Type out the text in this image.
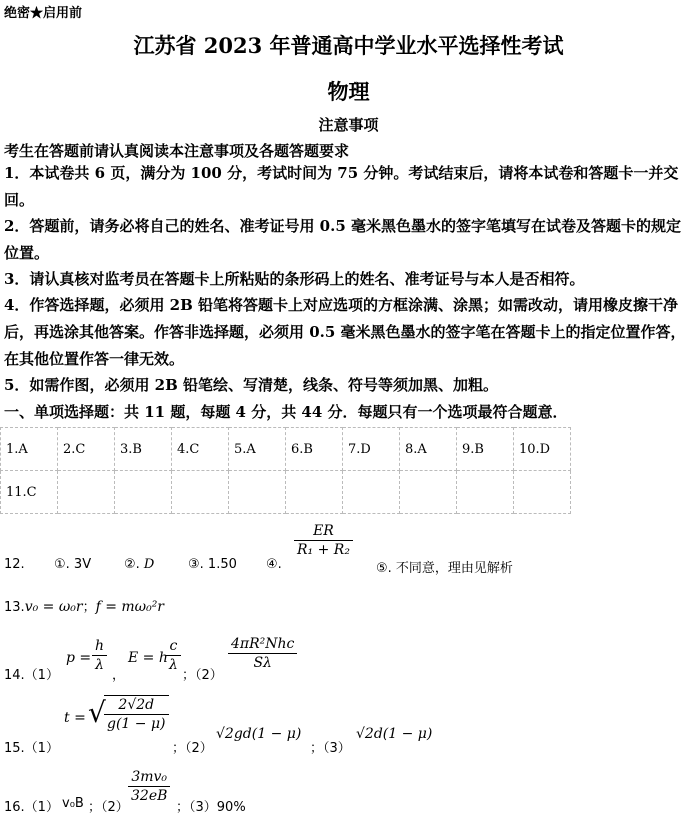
绝密★启用前
江苏省 2023 年普通高中学业水平选择性考试
物理
注意事项
考生在答题前请认真阅读本注意事项及各题答题要求
1．本试卷共 6 页，满分为 100 分，考试时间为 75 分钟。考试结束后，请将本试卷和答题卡一并交回。
2．答题前，请务必将自己的姓名、准考证号用 0.5 毫米黑色墨水的签字笔填写在试卷及答题卡的规定位置。
3．请认真核对监考员在答题卡上所粘贴的条形码上的姓名、准考证号与本人是否相符。
4．作答选择题，必须用 2B 铅笔将答题卡上对应选项的方框涂满、涂黑；如需改动，请用橡皮擦干净后，再选涂其他答案。作答非选择题，必须用 0.5 毫米黑色墨水的签字笔在答题卡上的指定位置作答，在其他位置作答一律无效。
5．如需作图，必须用 2B 铅笔绘、写清楚，线条、符号等须加黑、加粗。
一、单项选择题：共 11 题，每题 4 分，共 44 分．每题只有一个选项最符合题意．
1.A	2.C	3.B	4.C	5.A	6.B	7.D	8.A	9.B	10.D
11.C									
12. ①. 3V	②. D	③. 1.50 ④.
$\frac{ER}{\text{R₁ + R₂}}$
⑤. 不同意，理由见解析
13.v₀ = ω₀r；f = mω₀²r
14.（1）
$p = \frac{h}{\lambda}$
，
E = h
$\frac{c}{\lambda}$
；（2）
4πR²Nhc
Sλ
15.（1）
t = √
$\frac{2√2d}{g(1 - \mu)}$
；（2）
√2gd(1 − μ)
；（3）
√2d(1 − μ)
16.（1） v₀B ；（2）
$\frac{\text{3mv₀}}{32eB}$
；（3）90%
